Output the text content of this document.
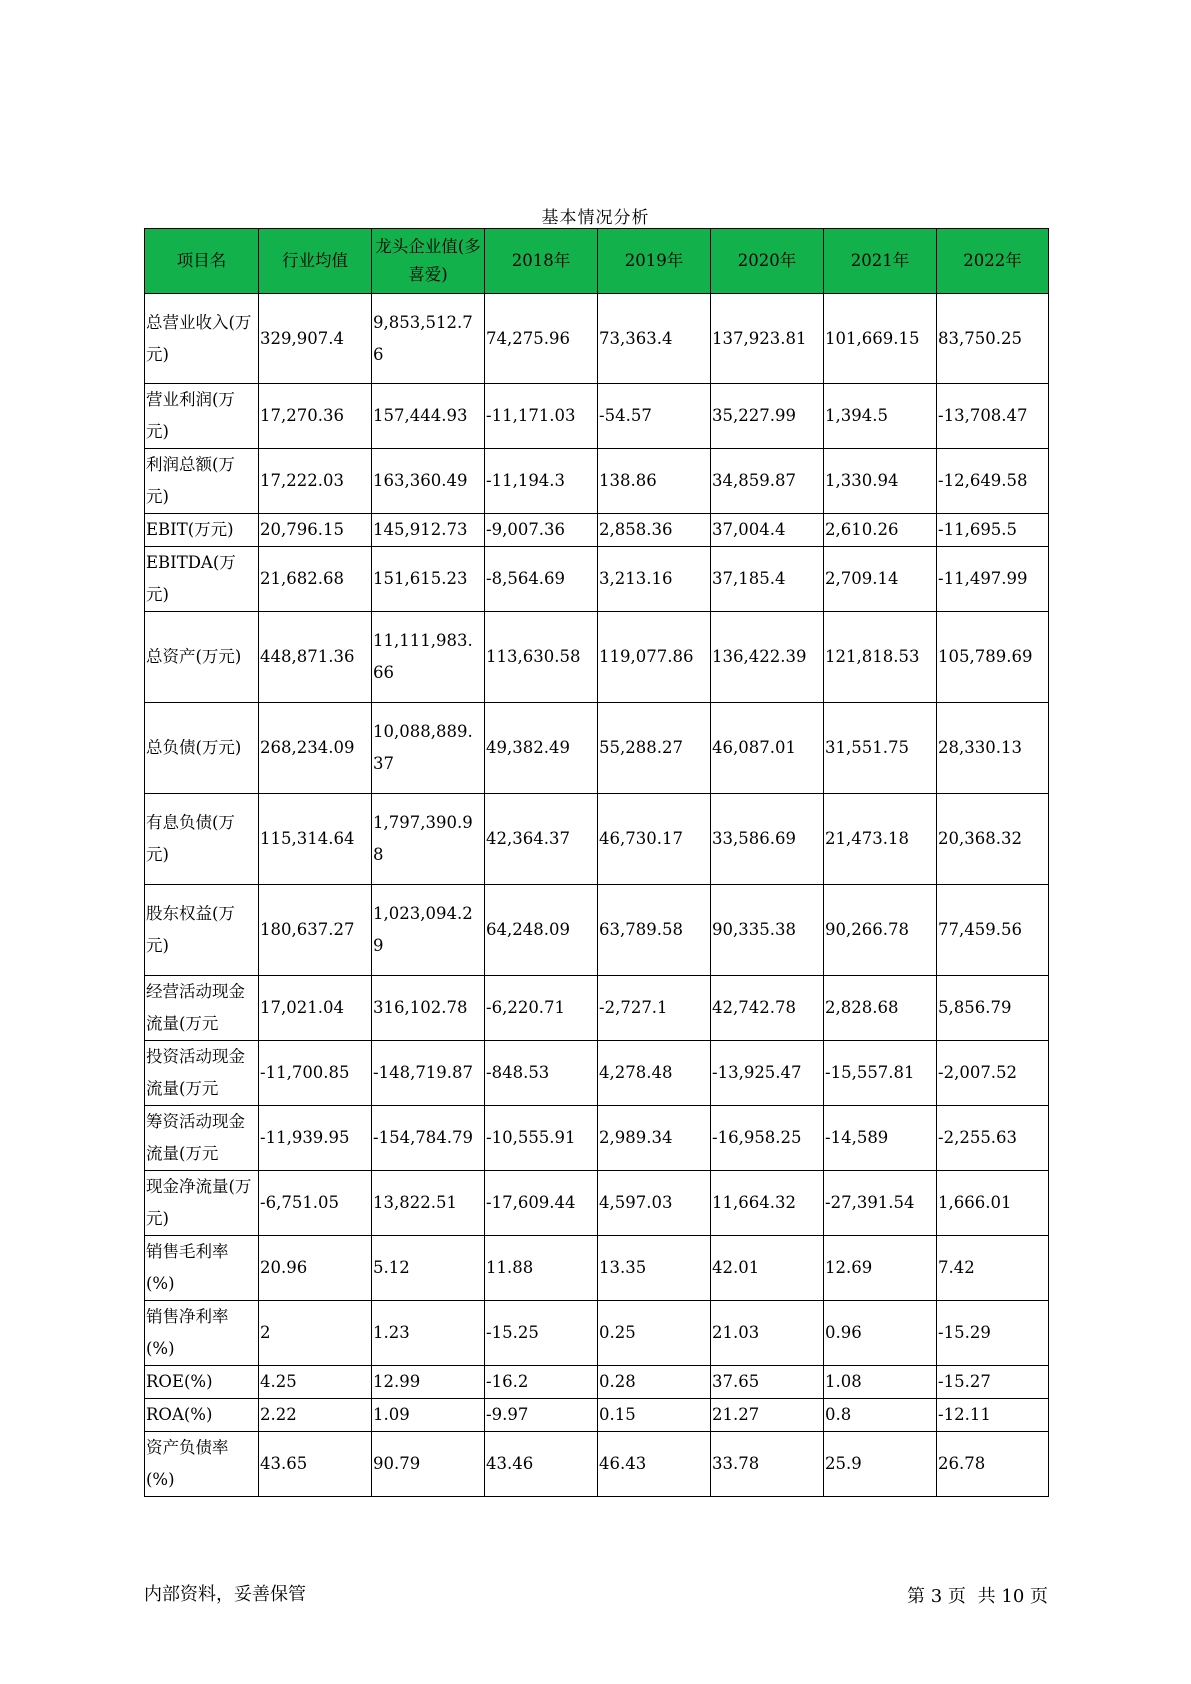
基本情况分析
项目名	行业均值	龙头企业值(多喜爱)	2018年	2019年	2020年	2021年	2022年
总营业收入(万元)	329,907.4	9,853,512.76	74,275.96	73,363.4	137,923.81	101,669.15	83,750.25
营业利润(万元)	17,270.36	157,444.93	-11,171.03	-54.57	35,227.99	1,394.5	-13,708.47
利润总额(万元)	17,222.03	163,360.49	-11,194.3	138.86	34,859.87	1,330.94	-12,649.58
EBIT(万元)	20,796.15	145,912.73	-9,007.36	2,858.36	37,004.4	2,610.26	-11,695.5
EBITDA(万元)	21,682.68	151,615.23	-8,564.69	3,213.16	37,185.4	2,709.14	-11,497.99
总资产(万元)	448,871.36	11,111,983.66	113,630.58	119,077.86	136,422.39	121,818.53	105,789.69
总负债(万元)	268,234.09	10,088,889.37	49,382.49	55,288.27	46,087.01	31,551.75	28,330.13
有息负债(万元)	115,314.64	1,797,390.98	42,364.37	46,730.17	33,586.69	21,473.18	20,368.32
股东权益(万元)	180,637.27	1,023,094.29	64,248.09	63,789.58	90,335.38	90,266.78	77,459.56
经营活动现金流量(万元	17,021.04	316,102.78	-6,220.71	-2,727.1	42,742.78	2,828.68	5,856.79
投资活动现金流量(万元	-11,700.85	-148,719.87	-848.53	4,278.48	-13,925.47	-15,557.81	-2,007.52
筹资活动现金流量(万元	-11,939.95	-154,784.79	-10,555.91	2,989.34	-16,958.25	-14,589	-2,255.63
现金净流量(万元)	-6,751.05	13,822.51	-17,609.44	4,597.03	11,664.32	-27,391.54	1,666.01
销售毛利率(%)	20.96	5.12	11.88	13.35	42.01	12.69	7.42
销售净利率(%)	2	1.23	-15.25	0.25	21.03	0.96	-15.29
ROE(%)	4.25	12.99	-16.2	0.28	37.65	1.08	-15.27
ROA(%)	2.22	1.09	-9.97	0.15	21.27	0.8	-12.11
资产负债率(%)	43.65	90.79	43.46	46.43	33.78	25.9	26.78
内部资料，妥善保管	第 3 页 共 10 页
